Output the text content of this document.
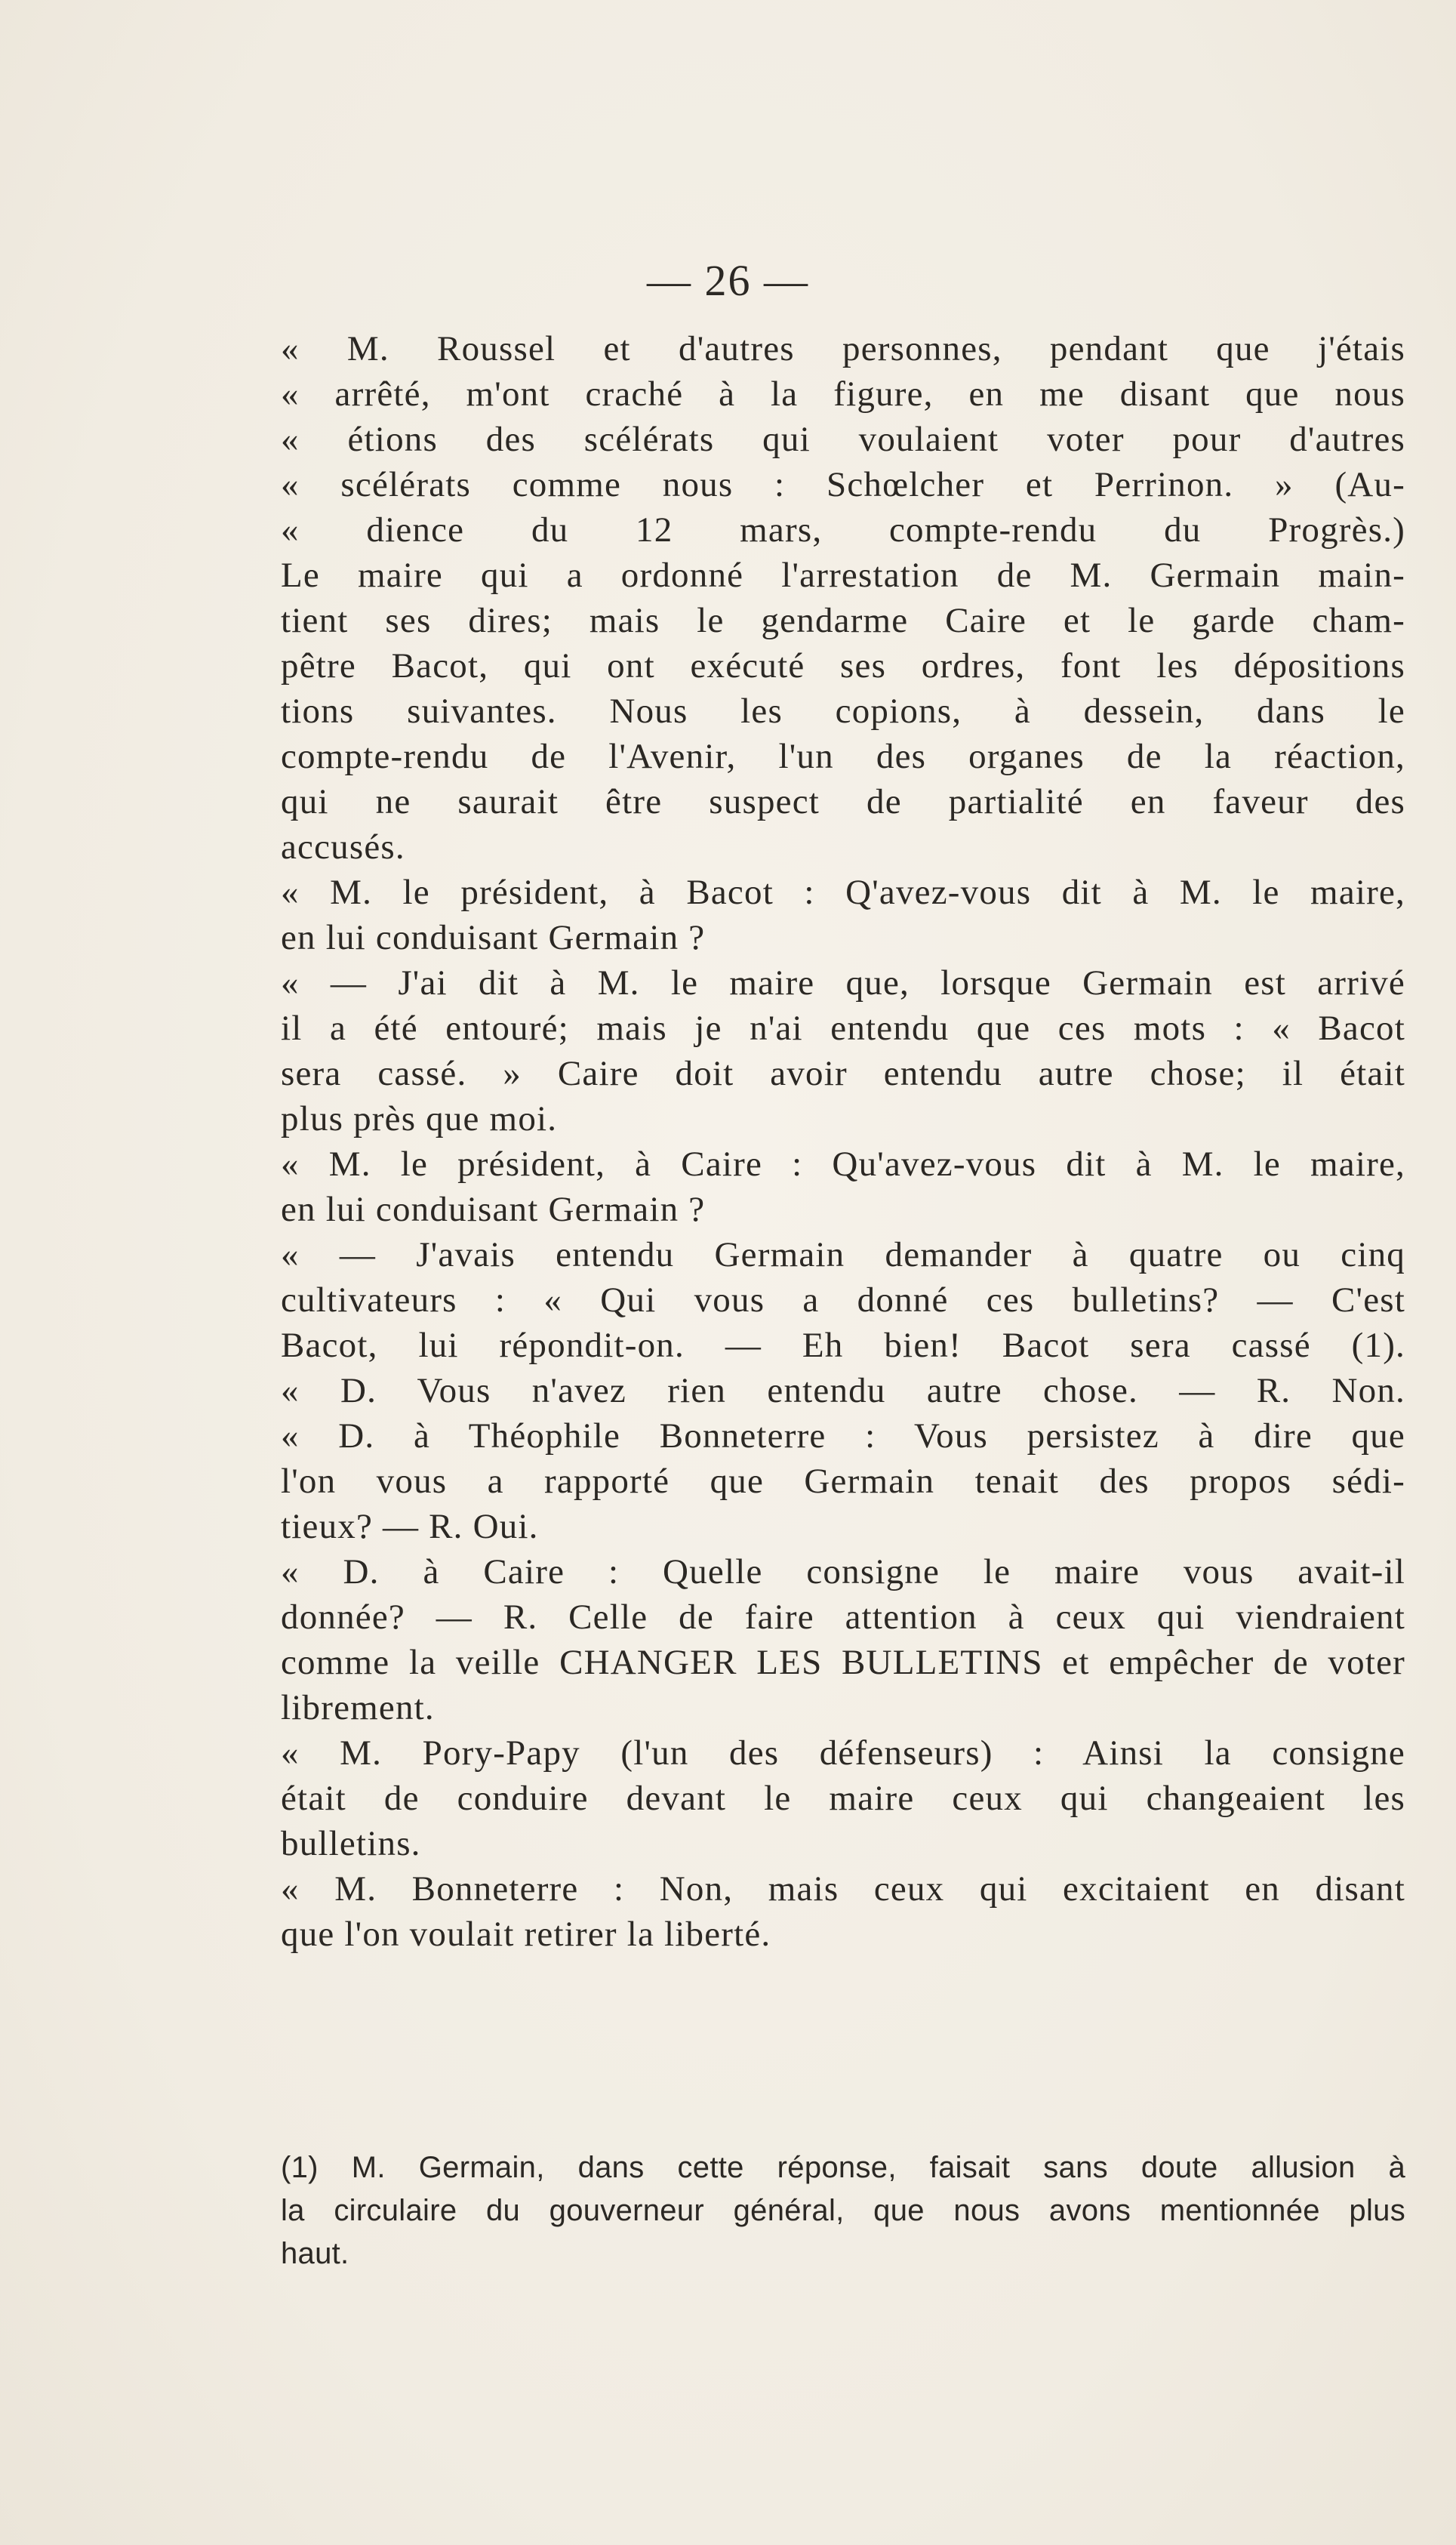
— 26 —
« M. Roussel et d'autres personnes, pendant que j'étais
« arrêté, m'ont craché à la figure, en me disant que nous
« étions des scélérats qui voulaient voter pour d'autres
« scélérats comme nous : Schœlcher et Perrinon. » (Au-
« dience du 12 mars, compte-rendu du Progrès.)
Le maire qui a ordonné l'arrestation de M. Germain main-
tient ses dires; mais le gendarme Caire et le garde cham-
pêtre Bacot, qui ont exécuté ses ordres, font les dépositions
tions suivantes. Nous les copions, à dessein, dans le
compte-rendu de l'Avenir, l'un des organes de la réaction,
qui ne saurait être suspect de partialité en faveur des
accusés.
« M. le président, à Bacot : Q'avez-vous dit à M. le maire,
en lui conduisant Germain ?
« — J'ai dit à M. le maire que, lorsque Germain est arrivé
il a été entouré; mais je n'ai entendu que ces mots : « Bacot
sera cassé. » Caire doit avoir entendu autre chose; il était
plus près que moi.
« M. le président, à Caire : Qu'avez-vous dit à M. le maire,
en lui conduisant Germain ?
« — J'avais entendu Germain demander à quatre ou cinq
cultivateurs : « Qui vous a donné ces bulletins? — C'est
Bacot, lui répondit-on. — Eh bien! Bacot sera cassé (1).
« D. Vous n'avez rien entendu autre chose. — R. Non.
« D. à Théophile Bonneterre : Vous persistez à dire que
l'on vous a rapporté que Germain tenait des propos sédi-
tieux? — R. Oui.
« D. à Caire : Quelle consigne le maire vous avait-il
donnée? — R. Celle de faire attention à ceux qui viendraient
comme la veille CHANGER LES BULLETINS et empêcher de voter
librement.
« M. Pory-Papy (l'un des défenseurs) : Ainsi la consigne
était de conduire devant le maire ceux qui changeaient les
bulletins.
« M. Bonneterre : Non, mais ceux qui excitaient en disant
que l'on voulait retirer la liberté.
(1) M. Germain, dans cette réponse, faisait sans doute allusion à
la circulaire du gouverneur général, que nous avons mentionnée plus
haut.
